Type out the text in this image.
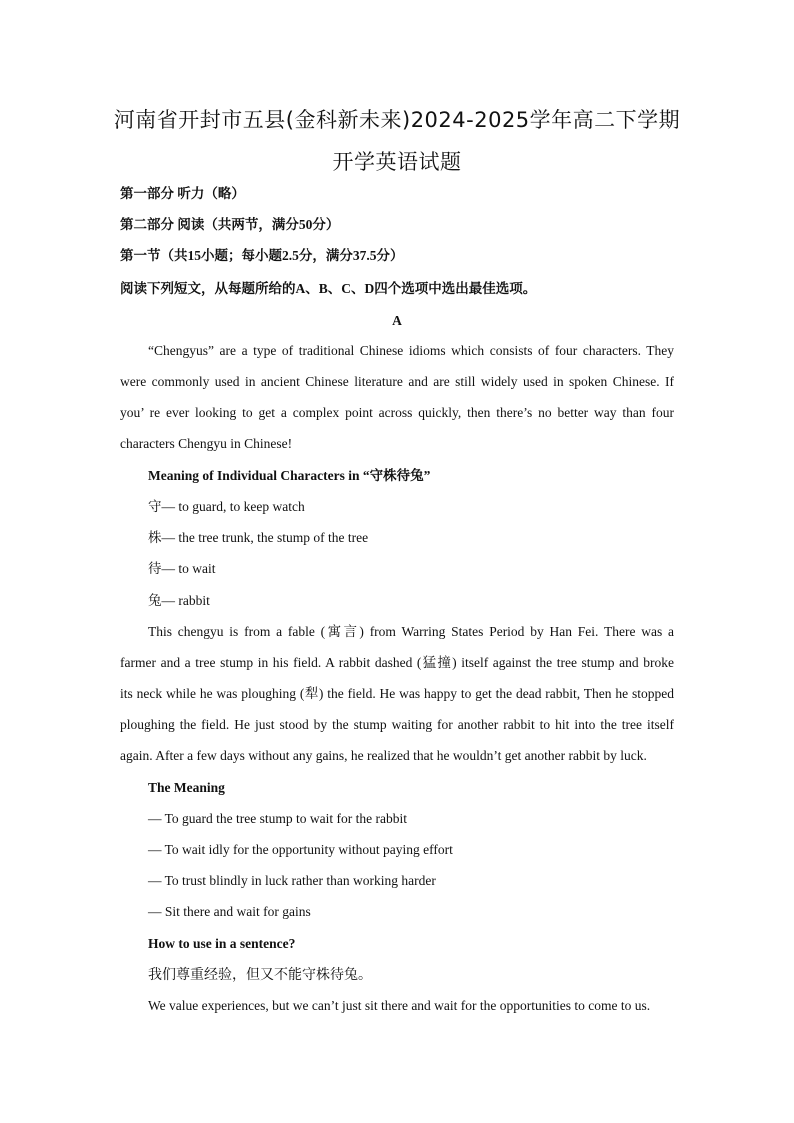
河南省开封市五县(金科新未来)2024-2025学年高二下学期
开学英语试题
第一部分 听力（略）
第二部分 阅读（共两节，满分50分）
第一节（共15小题；每小题2.5分，满分37.5分）
阅读下列短文，从每题所给的A、B、C、D四个选项中选出最佳选项。
A
“Chengyus” are a type of traditional Chinese idioms which consists of four characters. They
were commonly used in ancient Chinese literature and are still widely used in spoken Chinese. If
you’ re ever looking to get a complex point across quickly, then there’s no better way than four
characters Chengyu in Chinese!
Meaning of Individual Characters in “守株待兔”
守— to guard, to keep watch
株— the tree trunk, the stump of the tree
待— to wait
兔— rabbit
This chengyu is from a fable (寓言) from Warring States Period by Han Fei. There was a
farmer and a tree stump in his field. A rabbit dashed (猛撞) itself against the tree stump and broke
its neck while he was ploughing (犁) the field. He was happy to get the dead rabbit, Then he stopped
ploughing the field. He just stood by the stump waiting for another rabbit to hit into the tree itself
again. After a few days without any gains, he realized that he wouldn’t get another rabbit by luck.
The Meaning
— To guard the tree stump to wait for the rabbit
— To wait idly for the opportunity without paying effort
— To trust blindly in luck rather than working harder
— Sit there and wait for gains
How to use in a sentence?
我们尊重经验，但又不能守株待兔。
We value experiences, but we can’t just sit there and wait for the opportunities to come to us.
